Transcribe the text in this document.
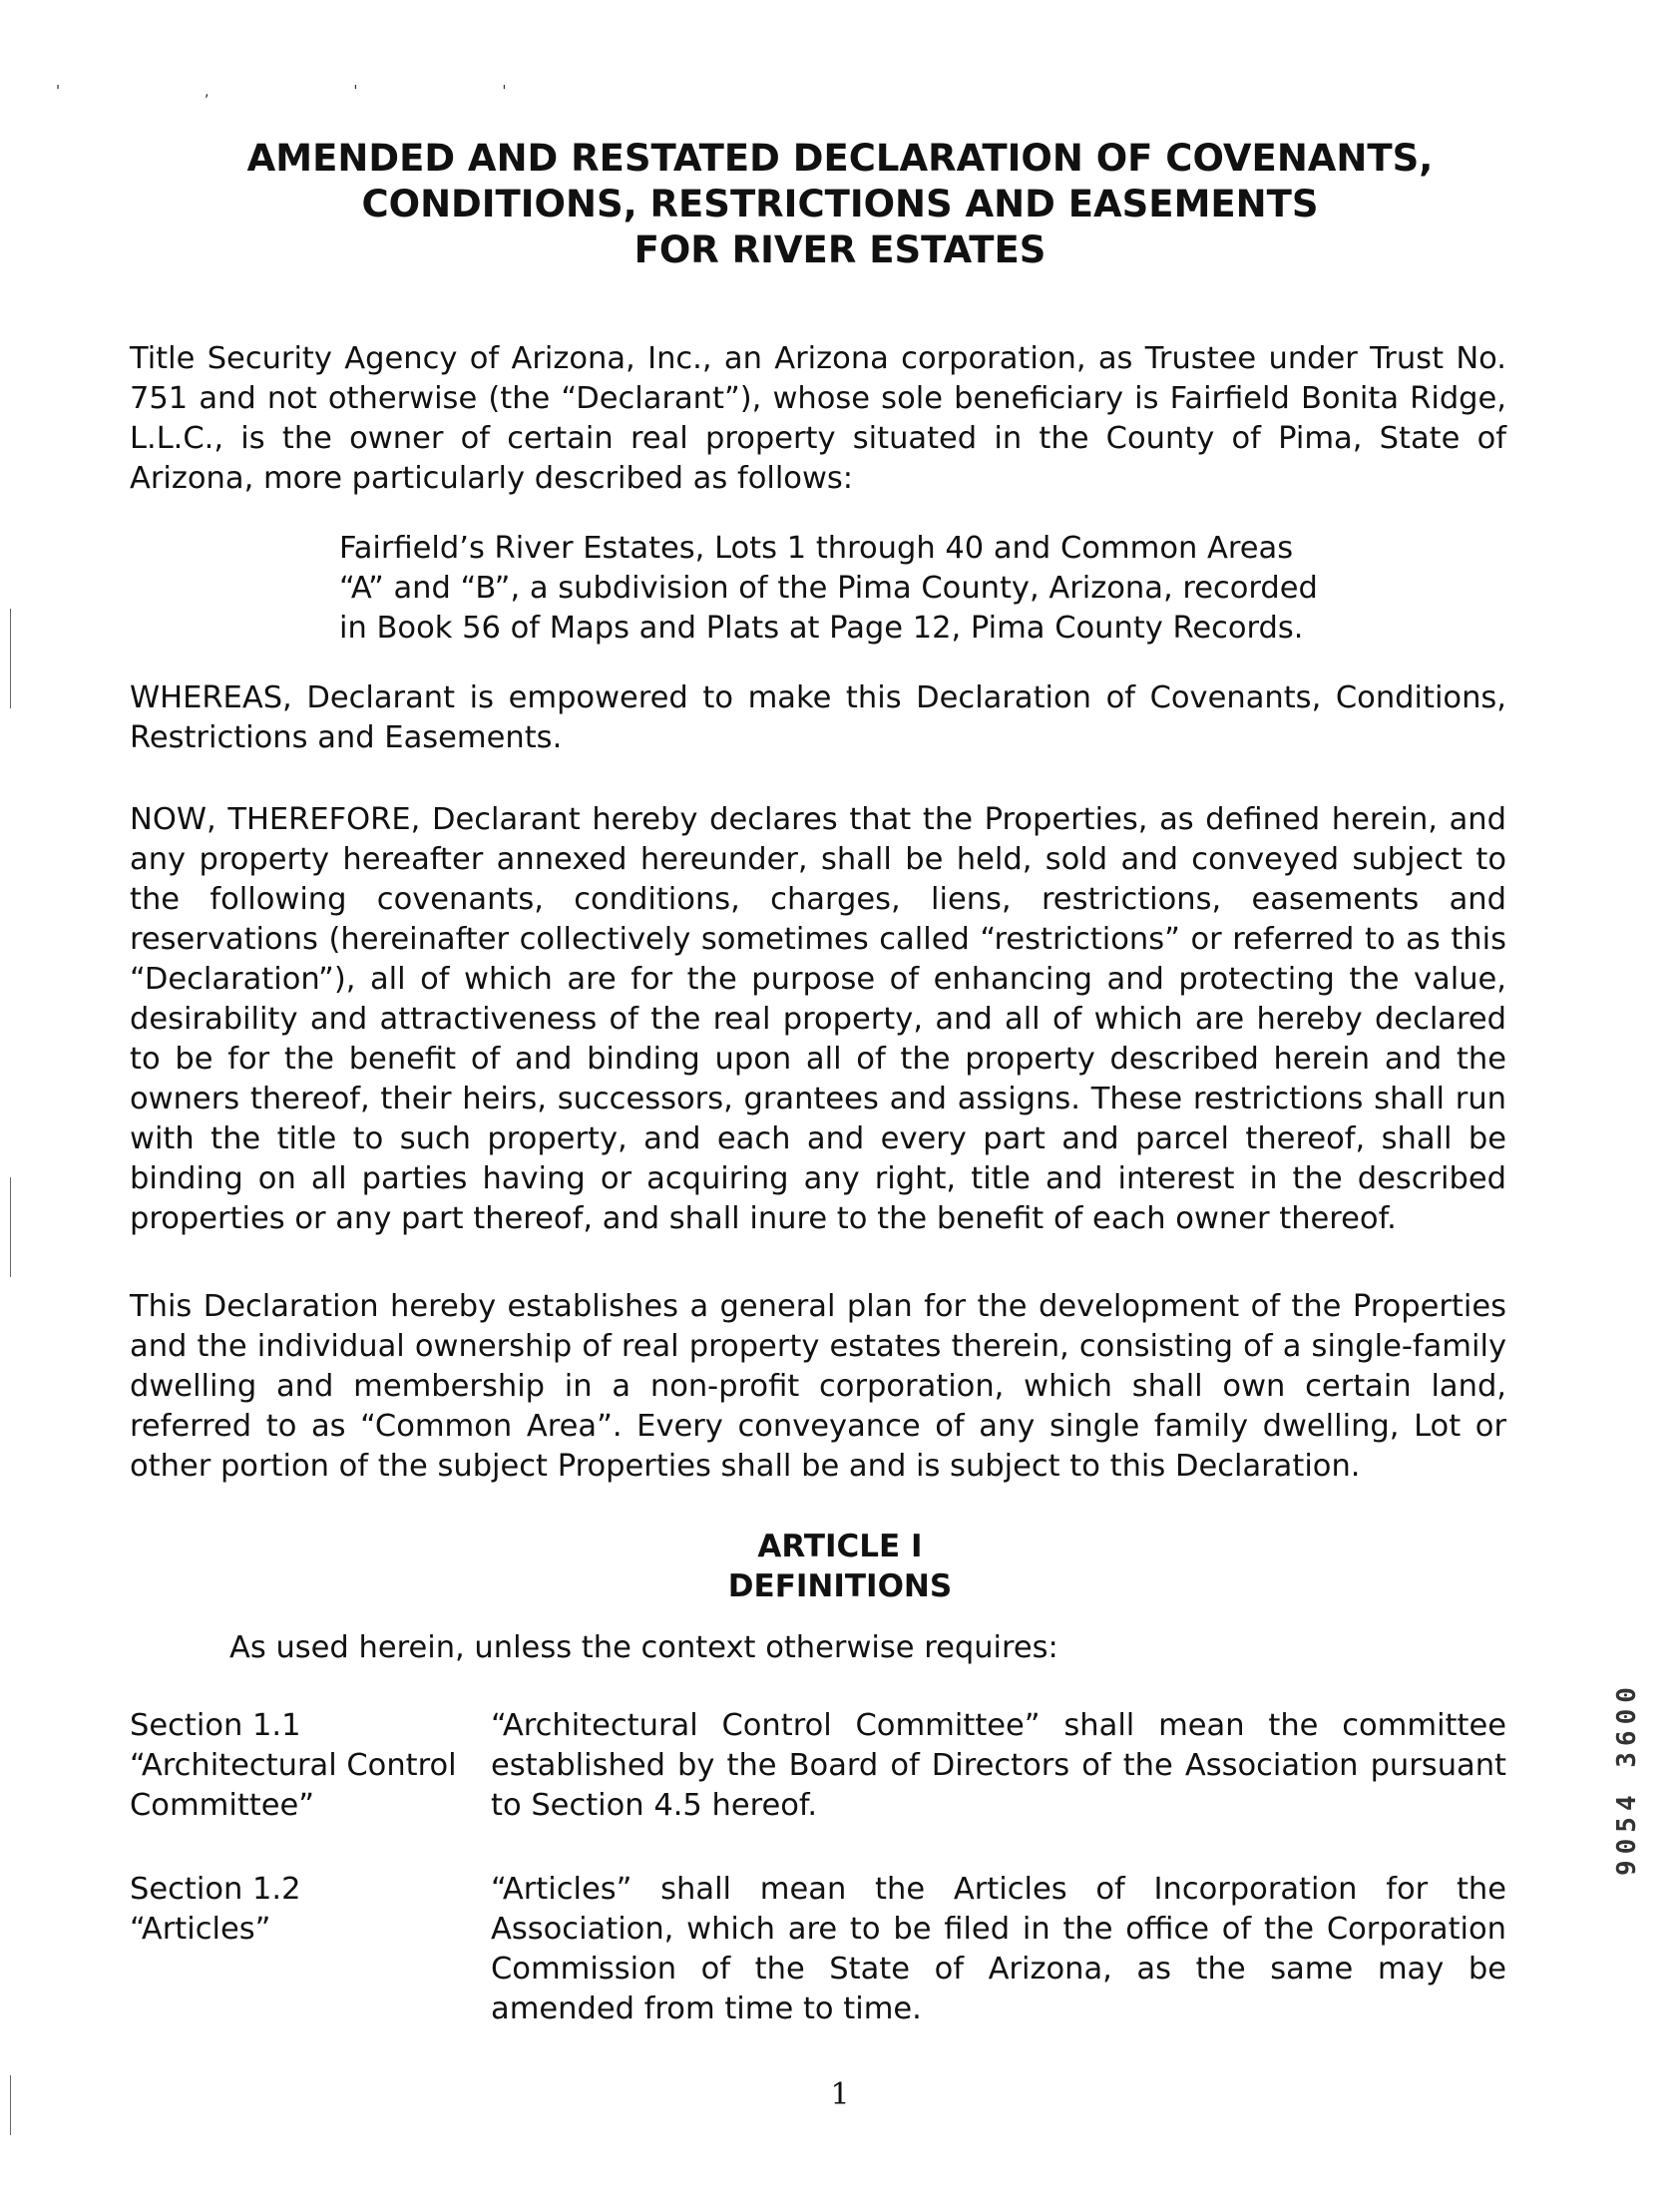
' , ' '
AMENDED AND RESTATED DECLARATION OF COVENANTS,
CONDITIONS, RESTRICTIONS AND EASEMENTS
FOR RIVER ESTATES
Title Security Agency of Arizona, Inc., an Arizona corporation, as Trustee under Trust No. 751 and not otherwise (the “Declarant”), whose sole beneficiary is Fairfield Bonita Ridge, L.L.C., is the owner of certain real property situated in the County of Pima, State of Arizona, more particularly described as follows:
Fairfield’s River Estates, Lots 1 through 40 and Common Areas “A” and “B”, a subdivision of the Pima County, Arizona, recorded in Book 56 of Maps and Plats at Page 12, Pima County Records.
WHEREAS, Declarant is empowered to make this Declaration of Covenants, Conditions, Restrictions and Easements.
NOW, THEREFORE, Declarant hereby declares that the Properties, as defined herein, and any property hereafter annexed hereunder, shall be held, sold and conveyed subject to the following covenants, conditions, charges, liens, restrictions, easements and reservations (hereinafter collectively sometimes called “restrictions” or referred to as this “Declaration”), all of which are for the purpose of enhancing and protecting the value, desirability and attractiveness of the real property, and all of which are hereby declared to be for the benefit of and binding upon all of the property described herein and the owners thereof, their heirs, successors, grantees and assigns. These restrictions shall run with the title to such property, and each and every part and parcel thereof, shall be binding on all parties having or acquiring any right, title and interest in the described properties or any part thereof, and shall inure to the benefit of each owner thereof.
This Declaration hereby establishes a general plan for the development of the Properties and the individual ownership of real property estates therein, consisting of a single-family dwelling and membership in a non-profit corporation, which shall own certain land, referred to as “Common Area”. Every conveyance of any single family dwelling, Lot or other portion of the subject Properties shall be and is subject to this Declaration.
ARTICLE I
DEFINITIONS
As used herein, unless the context otherwise requires:
Section 1.1
“Architectural Control Committee”
“Architectural Control Committee” shall mean the committee established by the Board of Directors of the Association pursuant to Section 4.5 hereof.
Section 1.2
“Articles”
“Articles” shall mean the Articles of Incorporation for the Association, which are to be filed in the office of the Corporation Commission of the State of Arizona, as the same may be amended from time to time.
1
9054 3600
